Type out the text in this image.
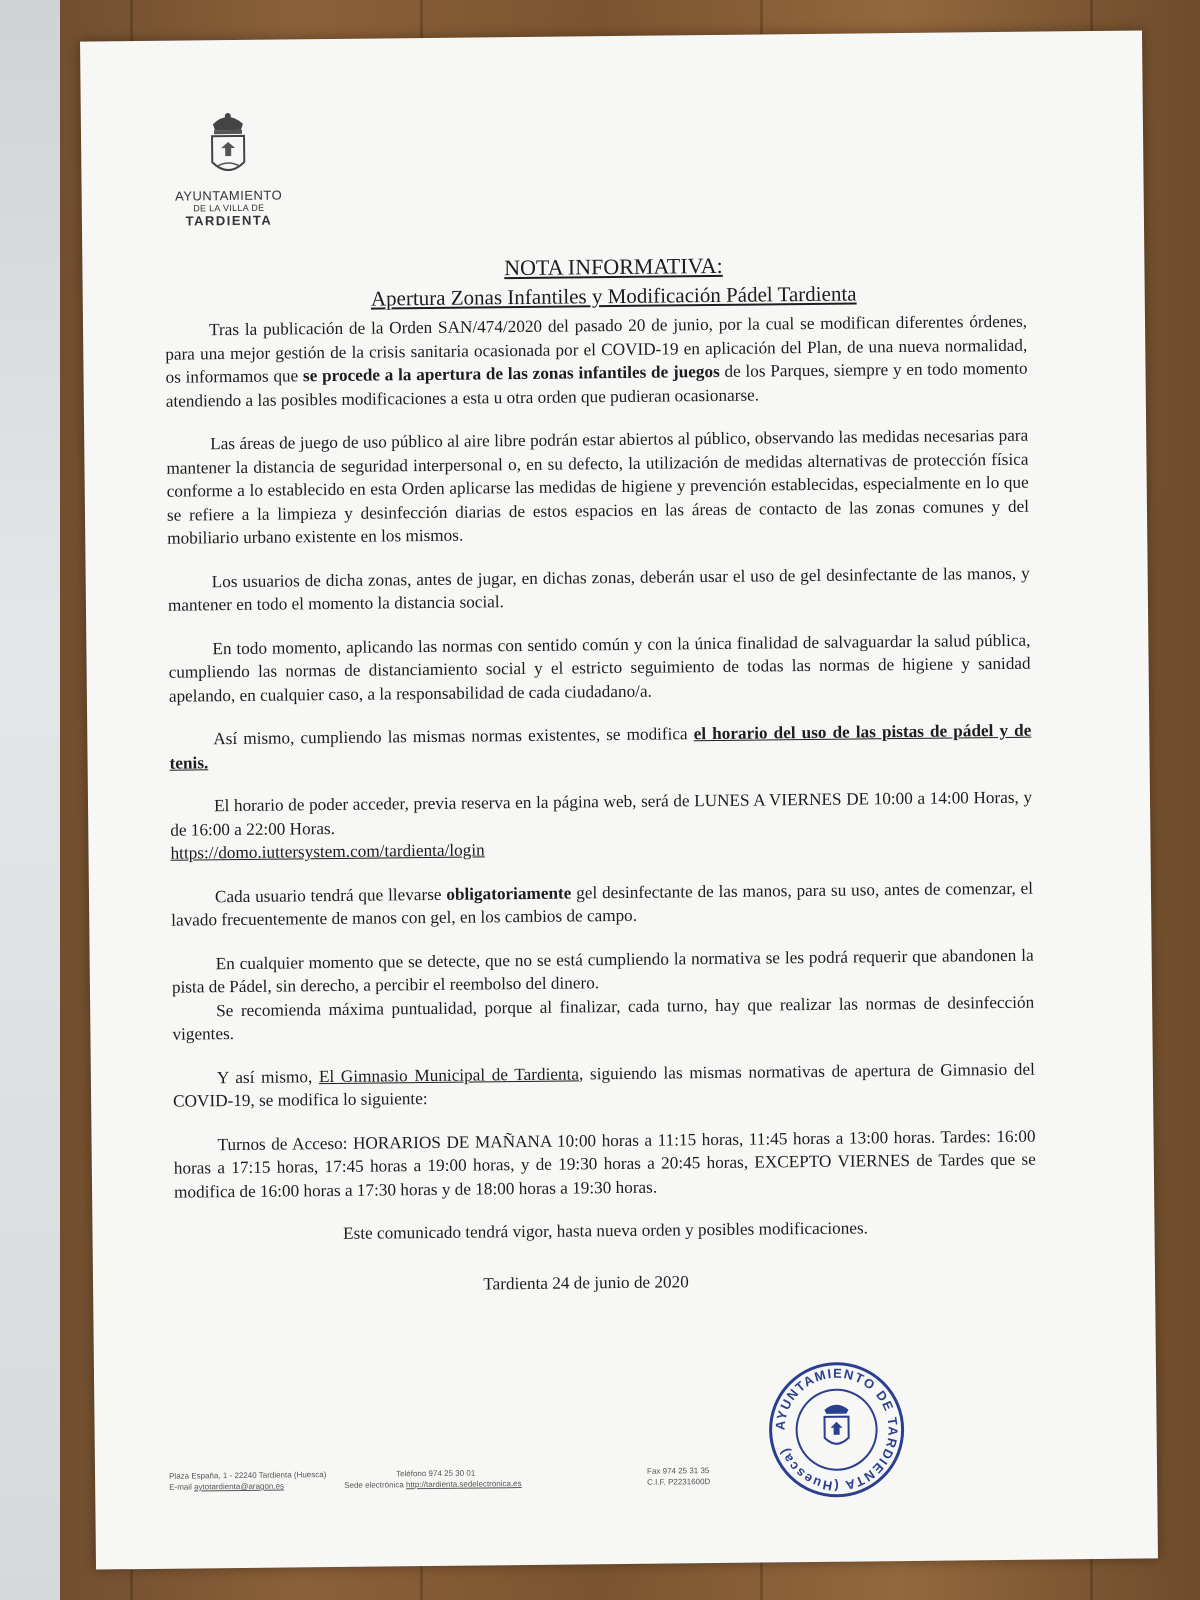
AYUNTAMIENTO
DE LA VILLA DE
TARDIENTA

NOTA INFORMATIVA:

Apertura Zonas Infantiles y Modificación Pádel Tardienta

Tras la publicación de la Orden SAN/474/2020 del pasado 20 de junio, por la cual se modifican diferentes órdenes, para una mejor gestión de la crisis sanitaria ocasionada por el COVID-19 en aplicación del Plan, de una nueva normalidad, os informamos que se procede a la apertura de las zonas infantiles de juegos de los Parques, siempre y en todo momento atendiendo a las posibles modificaciones a esta u otra orden que pudieran ocasionarse.

Las áreas de juego de uso público al aire libre podrán estar abiertos al público, observando las medidas necesarias para mantener la distancia de seguridad interpersonal o, en su defecto, la utilización de medidas alternativas de protección física conforme a lo establecido en esta Orden aplicarse las medidas de higiene y prevención establecidas, especialmente en lo que se refiere a la limpieza y desinfección diarias de estos espacios en las áreas de contacto de las zonas comunes y del mobiliario urbano existente en los mismos.

Los usuarios de dicha zonas, antes de jugar, en dichas zonas, deberán usar el uso de gel desinfectante de las manos, y mantener en todo el momento la distancia social.

En todo momento, aplicando las normas con sentido común y con la única finalidad de salvaguardar la salud pública, cumpliendo las normas de distanciamiento social y el estricto seguimiento de todas las normas de higiene y sanidad apelando, en cualquier caso, a la responsabilidad de cada ciudadano/a.

Así mismo, cumpliendo las mismas normas existentes, se modifica el horario del uso de las pistas de pádel y de tenis.

El horario de poder acceder, previa reserva en la página web, será de LUNES A VIERNES DE 10:00 a 14:00 Horas, y de 16:00 a 22:00 Horas.
https://domo.iuttersystem.com/tardienta/login

Cada usuario tendrá que llevarse obligatoriamente gel desinfectante de las manos, para su uso, antes de comenzar, el lavado frecuentemente de manos con gel, en los cambios de campo.

En cualquier momento que se detecte, que no se está cumpliendo la normativa se les podrá requerir que abandonen la pista de Pádel, sin derecho, a percibir el reembolso del dinero.

Se recomienda máxima puntualidad, porque al finalizar, cada turno, hay que realizar las normas de desinfección vigentes.

Y así mismo, El Gimnasio Municipal de Tardienta, siguiendo las mismas normativas de apertura de Gimnasio del COVID-19, se modifica lo siguiente:

Turnos de Acceso: HORARIOS DE MAÑANA 10:00 horas a 11:15 horas, 11:45 horas a 13:00 horas. Tardes: 16:00 horas a 17:15 horas, 17:45 horas a 19:00 horas, y de 19:30 horas a 20:45 horas, EXCEPTO VIERNES de Tardes que se modifica de 16:00 horas a 17:30 horas y de 18:00 horas a 19:30 horas.

Este comunicado tendrá vigor, hasta nueva orden y posibles modificaciones.

Tardienta 24 de junio de 2020

AYUNTAMIENTO DE TARDIENTA (Huesca)
Plaza España, 1 - 22240 Tardienta (Huesca)
E-mail aytotardienta@aragon.es
Teléfono 974 25 30 01
Sede electrónica http://tardienta.sedelectronica.es
Fax 974 25 31 35
C.I.F. P2231600D
